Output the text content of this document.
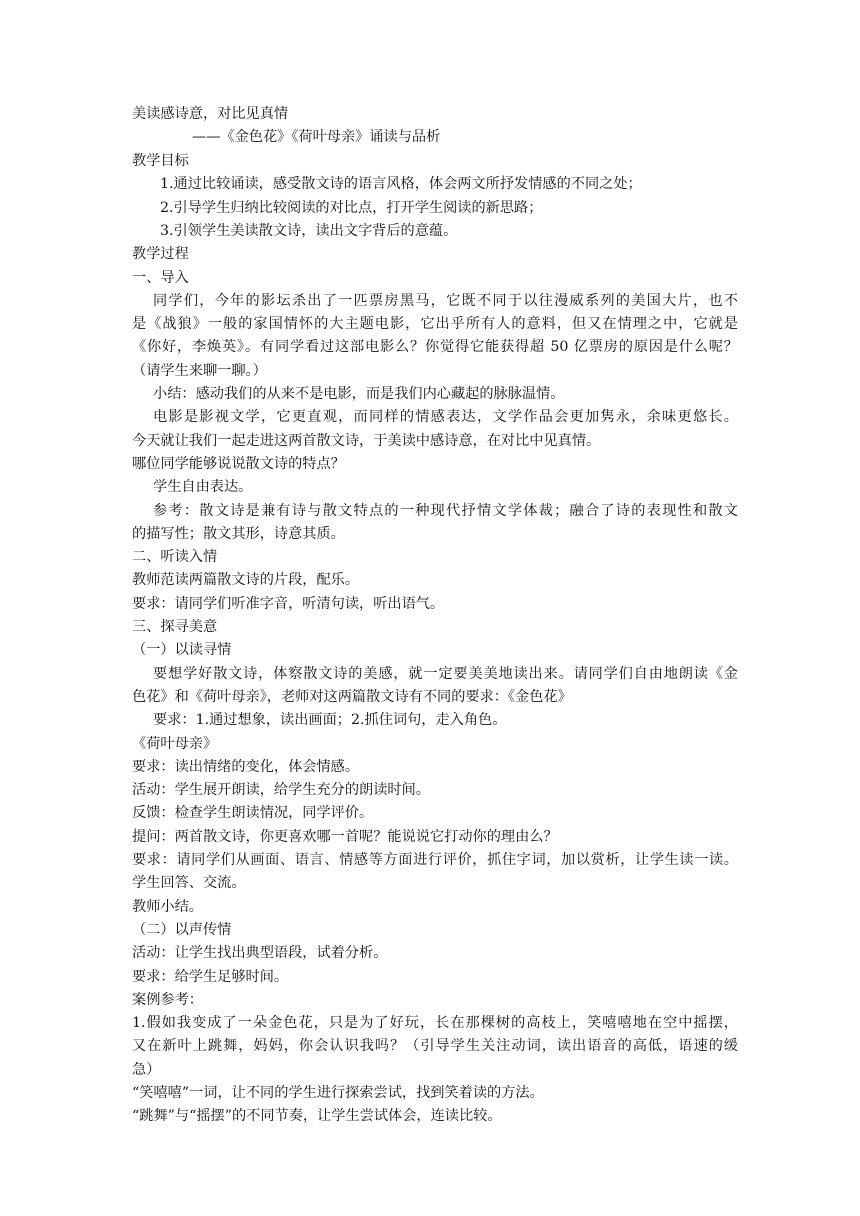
美读感诗意，对比见真情
——《金色花》《荷叶母亲》诵读与品析
教学目标
1.通过比较诵读，感受散文诗的语言风格，体会两文所抒发情感的不同之处；
2.引导学生归纳比较阅读的对比点，打开学生阅读的新思路；
3.引领学生美读散文诗，读出文字背后的意蕴。
教学过程
一、导入
同学们，今年的影坛杀出了一匹票房黑马，它既不同于以往漫威系列的美国大片，也不
是《战狼》一般的家国情怀的大主题电影，它出乎所有人的意料，但又在情理之中，它就是
《你好，李焕英》。有同学看过这部电影么？你觉得它能获得超 50 亿票房的原因是什么呢？
（请学生来聊一聊。）
小结：感动我们的从来不是电影，而是我们内心藏起的脉脉温情。
电影是影视文学，它更直观，而同样的情感表达，文学作品会更加隽永，余味更悠长。
今天就让我们一起走进这两首散文诗，于美读中感诗意，在对比中见真情。
哪位同学能够说说散文诗的特点？
学生自由表达。
参考：散文诗是兼有诗与散文特点的一种现代抒情文学体裁；融合了诗的表现性和散文
的描写性；散文其形，诗意其质。
二、听读入情
教师范读两篇散文诗的片段，配乐。
要求：请同学们听准字音，听清句读，听出语气。
三、探寻美意
（一）以读寻情
要想学好散文诗，体察散文诗的美感，就一定要美美地读出来。请同学们自由地朗读《金
色花》和《荷叶母亲》，老师对这两篇散文诗有不同的要求：《金色花》
要求：1.通过想象，读出画面；2.抓住词句，走入角色。
《荷叶母亲》
要求：读出情绪的变化，体会情感。
活动：学生展开朗读，给学生充分的朗读时间。
反馈：检查学生朗读情况，同学评价。
提问：两首散文诗，你更喜欢哪一首呢？能说说它打动你的理由么？
要求：请同学们从画面、语言、情感等方面进行评价，抓住字词，加以赏析，让学生读一读。
学生回答、交流。
教师小结。
（二）以声传情
活动：让学生找出典型语段，试着分析。
要求：给学生足够时间。
案例参考：
1.假如我变成了一朵金色花，只是为了好玩，长在那棵树的高枝上，笑嘻嘻地在空中摇摆，
又在新叶上跳舞，妈妈，你会认识我吗？（引导学生关注动词，读出语音的高低，语速的缓
急）
“笑嘻嘻”一词，让不同的学生进行探索尝试，找到笑着读的方法。
“跳舞”与“摇摆”的不同节奏，让学生尝试体会，连读比较。
